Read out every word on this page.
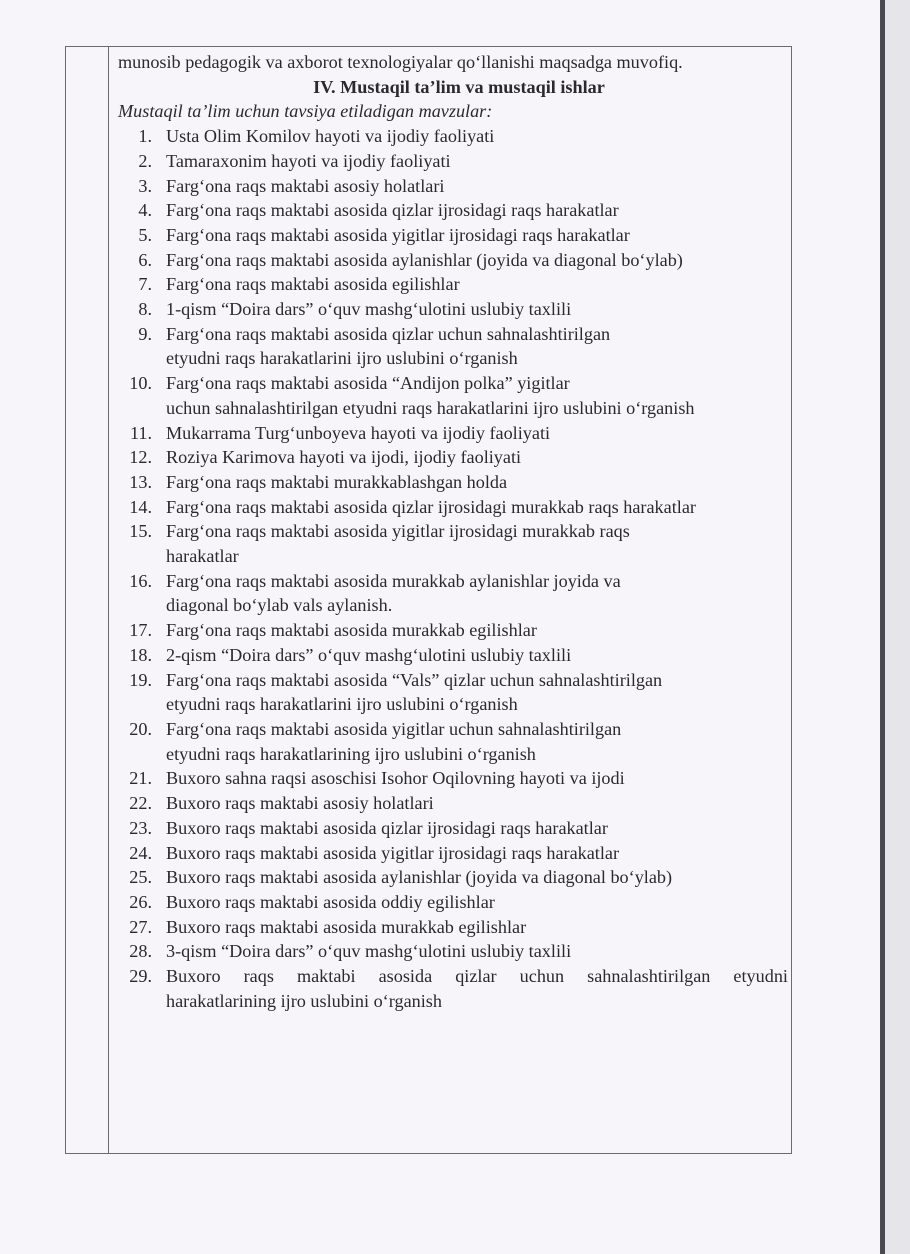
munosib pedagogik va axborot texnologiyalar qo‘llanishi maqsadga muvofiq.
IV. Mustaqil ta’lim va mustaqil ishlar
Mustaqil ta’lim uchun tavsiya etiladigan mavzular:
1. Usta Olim Komilov hayoti va ijodiy faoliyati
2. Tamaraxonim hayoti va ijodiy faoliyati
3. Farg‘ona raqs maktabi asosiy holatlari
4. Farg‘ona raqs maktabi asosida qizlar ijrosidagi raqs harakatlar
5. Farg‘ona raqs maktabi asosida yigitlar ijrosidagi raqs harakatlar
6. Farg‘ona raqs maktabi asosida aylanishlar (joyida va diagonal bo‘ylab)
7. Farg‘ona raqs maktabi asosida egilishlar
8. 1-qism “Doira dars” o‘quv mashg‘ulotini uslubiy taxlili
9. Farg‘ona raqs maktabi asosida qizlar uchun sahnalashtirilgan
etyudni raqs harakatlarini ijro uslubini o‘rganish
10. Farg‘ona raqs maktabi asosida “Andijon polka” yigitlar
uchun sahnalashtirilgan etyudni raqs harakatlarini ijro uslubini o‘rganish
11. Mukarrama Turg‘unboyeva hayoti va ijodiy faoliyati
12. Roziya Karimova hayoti va ijodi, ijodiy faoliyati
13. Farg‘ona raqs maktabi murakkablashgan holda
14. Farg‘ona raqs maktabi asosida qizlar ijrosidagi murakkab raqs harakatlar
15. Farg‘ona raqs maktabi asosida yigitlar ijrosidagi murakkab raqs
harakatlar
16. Farg‘ona raqs maktabi asosida murakkab aylanishlar joyida va
diagonal bo‘ylab vals aylanish.
17. Farg‘ona raqs maktabi asosida murakkab egilishlar
18. 2-qism “Doira dars” o‘quv mashg‘ulotini uslubiy taxlili
19. Farg‘ona raqs maktabi asosida “Vals” qizlar uchun sahnalashtirilgan
etyudni raqs harakatlarini ijro uslubini o‘rganish
20. Farg‘ona raqs maktabi asosida yigitlar uchun sahnalashtirilgan
etyudni raqs harakatlarining ijro uslubini o‘rganish
21. Buxoro sahna raqsi asoschisi Isohor Oqilovning hayoti va ijodi
22. Buxoro raqs maktabi asosiy holatlari
23. Buxoro raqs maktabi asosida qizlar ijrosidagi raqs harakatlar
24. Buxoro raqs maktabi asosida yigitlar ijrosidagi raqs harakatlar
25. Buxoro raqs maktabi asosida aylanishlar (joyida va diagonal bo‘ylab)
26. Buxoro raqs maktabi asosida oddiy egilishlar
27. Buxoro raqs maktabi asosida murakkab egilishlar
28. 3-qism “Doira dars” o‘quv mashg‘ulotini uslubiy taxlili
29. Buxoro raqs maktabi asosida qizlar uchun sahnalashtirilgan etyudni
harakatlarining ijro uslubini o‘rganish
